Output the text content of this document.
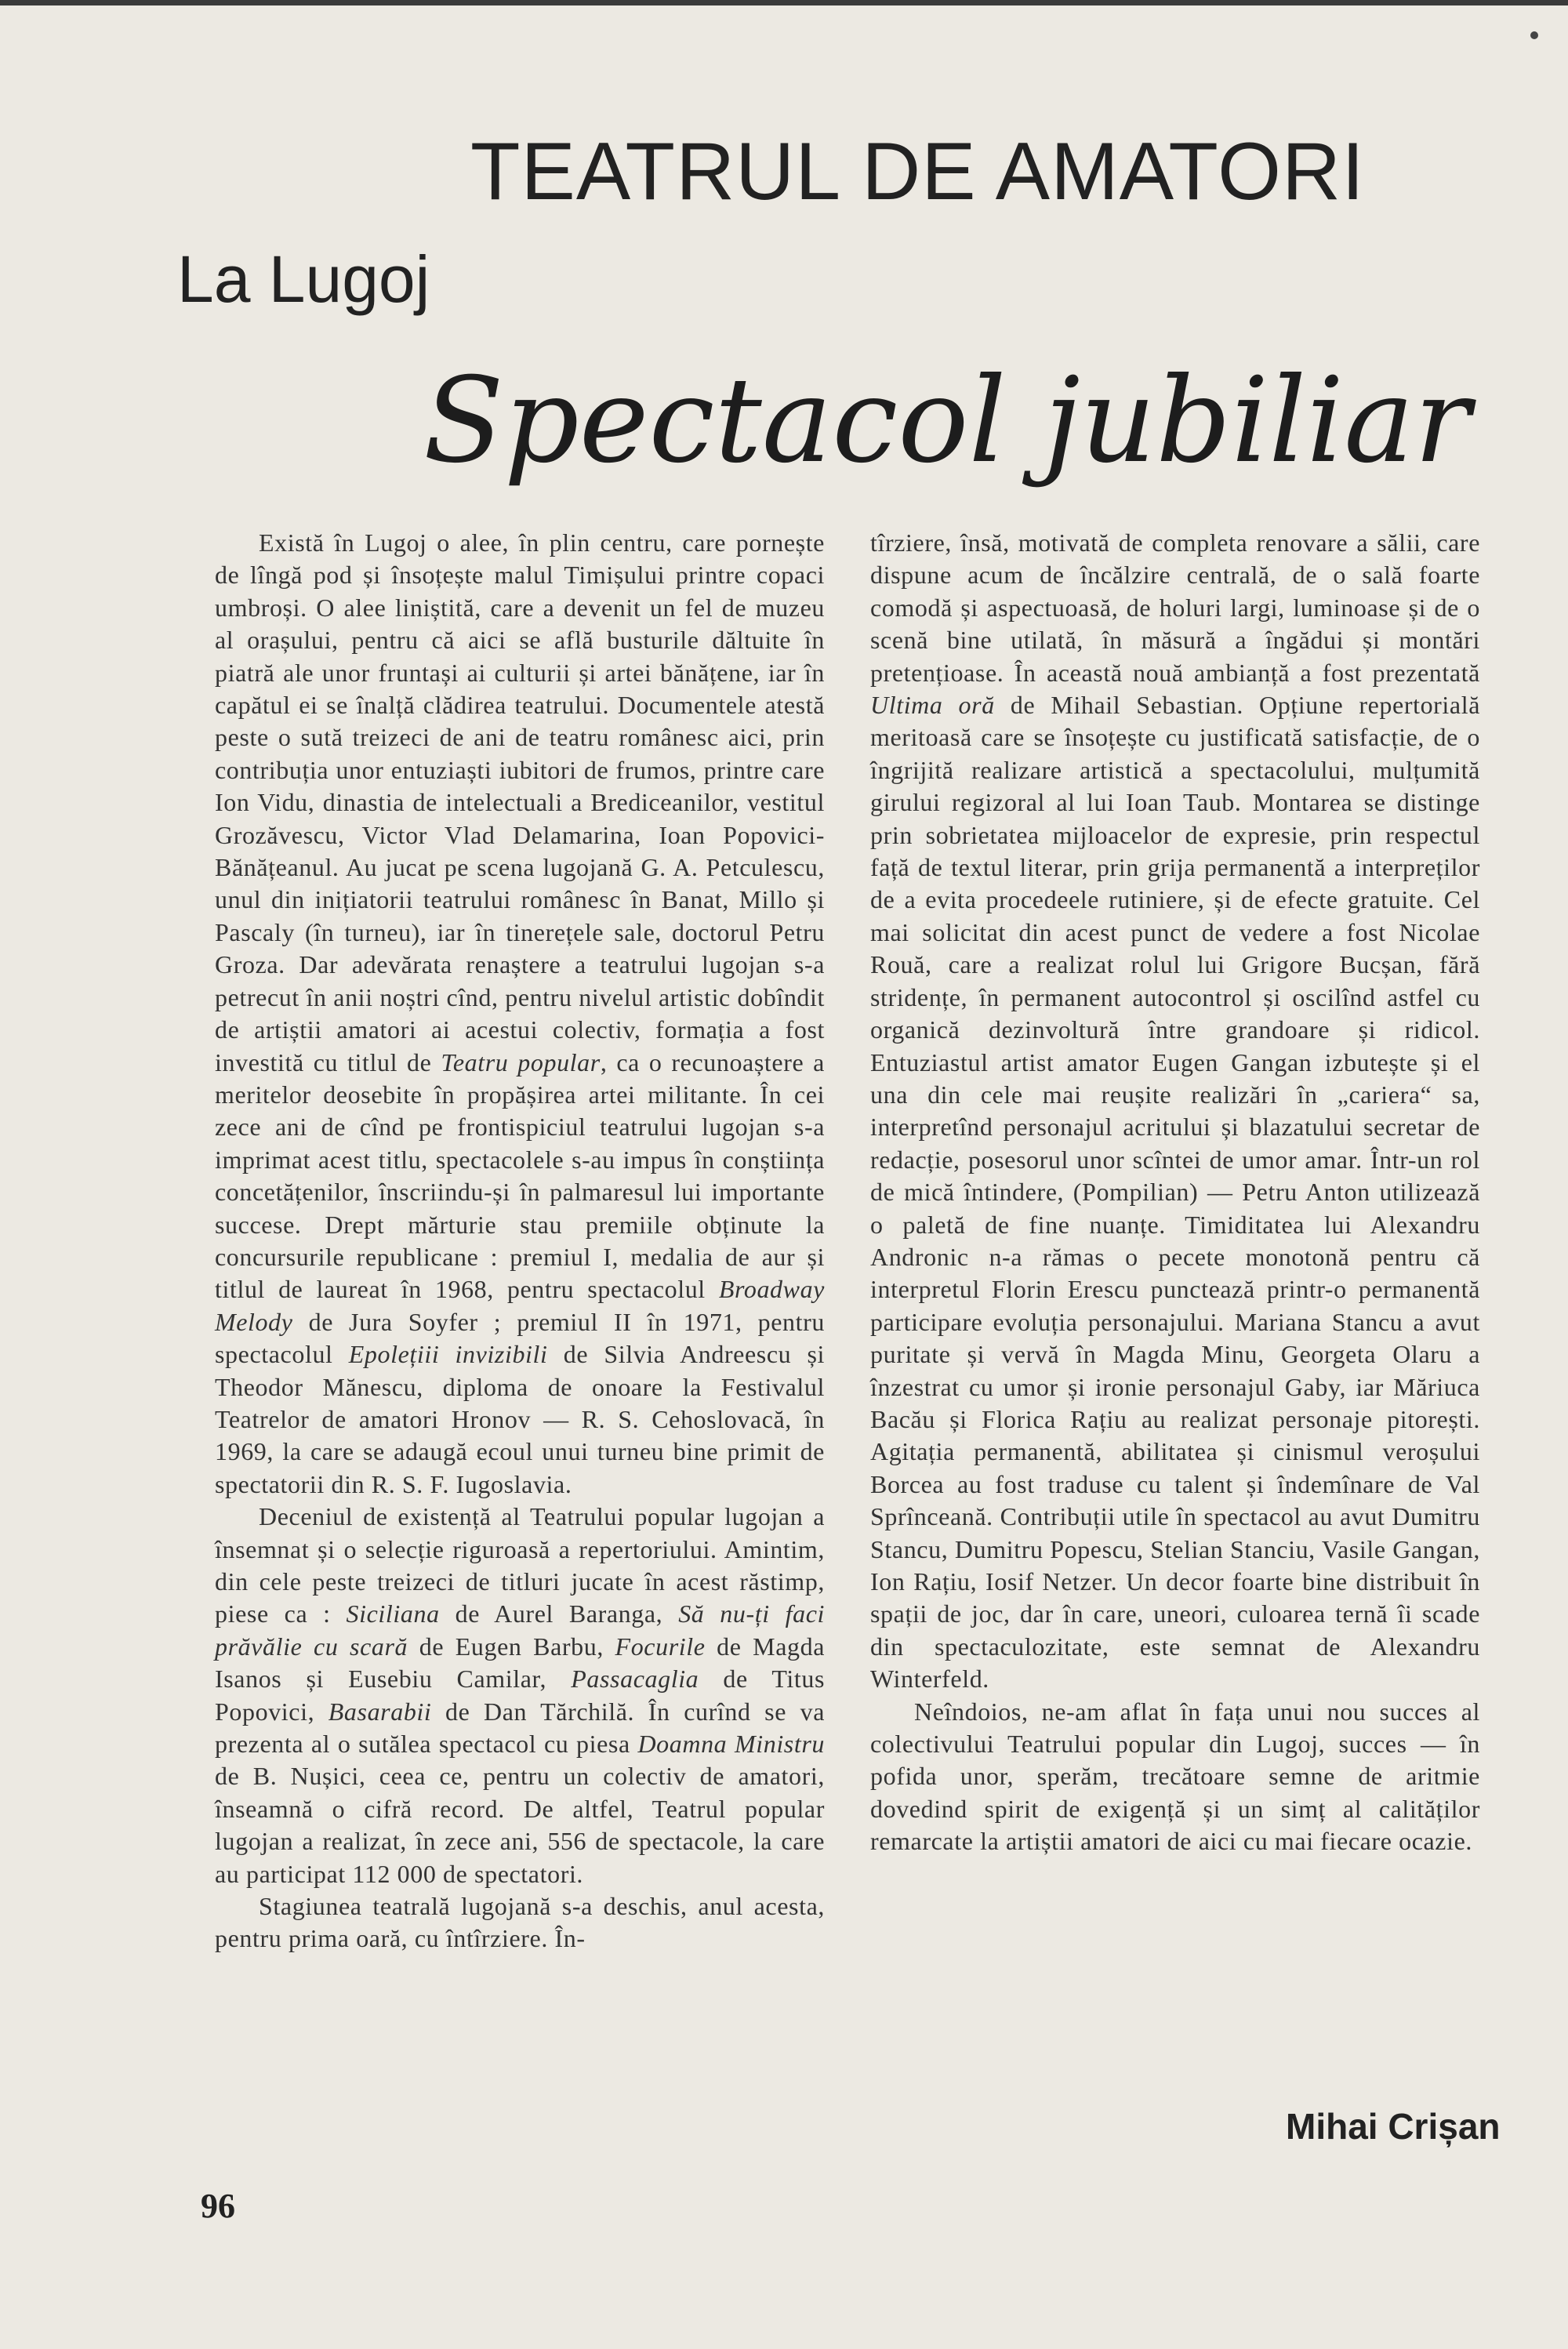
TEATRUL DE AMATORI
La Lugoj
Spectacol jubiliar

Există în Lugoj o alee, în plin centru, care pornește de lîngă pod și însoțește malul Timișului printre copaci umbroși. O alee liniștită, care a devenit un fel de muzeu al orașului, pentru că aici se află busturile dăltuite în piatră ale unor fruntași ai culturii și artei bănățene, iar în capătul ei se înalță clădirea teatrului. Documentele atestă peste o sută treizeci de ani de teatru românesc aici, prin contribuția unor entuziaști iubitori de frumos, printre care Ion Vidu, dinastia de intelectuali a Brediceanilor, vestitul Grozăvescu, Victor Vlad Delamarina, Ioan Popovici-Bănățeanul. Au jucat pe scena lugojană G. A. Petculescu, unul din inițiatorii teatrului românesc în Banat, Millo și Pascaly (în turneu), iar în tinerețele sale, doctorul Petru Groza. Dar adevărata renaștere a teatrului lugojan s-a petrecut în anii noștri cînd, pentru nivelul artistic dobîndit de artiștii amatori ai acestui colectiv, formația a fost investită cu titlul de Teatru popular, ca o recunoaștere a meritelor deosebite în propășirea artei militante. În cei zece ani de cînd pe frontispiciul teatrului lugojan s-a imprimat acest titlu, spectacolele s-au impus în conștiința concetățenilor, înscriindu-și în palmaresul lui importante succese. Drept mărturie stau premiile obținute la concursurile republicane : premiul I, medalia de aur și titlul de laureat în 1968, pentru spectacolul Broadway Melody de Jura Soyfer ; premiul II în 1971, pentru spectacolul Epolețiii invizibili de Silvia Andreescu și Theodor Mănescu, diploma de onoare la Festivalul Teatrelor de amatori Hronov — R. S. Cehoslovacă, în 1969, la care se adaugă ecoul unui turneu bine primit de spectatorii din R. S. F. Iugoslavia.

Deceniul de existență al Teatrului popular lugojan a însemnat și o selecție riguroasă a repertoriului. Amintim, din cele peste treizeci de titluri jucate în acest răstimp, piese ca : Siciliana de Aurel Baranga, Să nu-ți faci prăvălie cu scară de Eugen Barbu, Focurile de Magda Isanos și Eusebiu Camilar, Passacaglia de Titus Popovici, Basarabii de Dan Tărchilă. În curînd se va prezenta al o sutălea spectacol cu piesa Doamna Ministru de B. Nușici, ceea ce, pentru un colectiv de amatori, înseamnă o cifră record. De altfel, Teatrul popular lugojan a realizat, în zece ani, 556 de spectacole, la care au participat 112 000 de spectatori.

Stagiunea teatrală lugojană s-a deschis, anul acesta, pentru prima oară, cu întîrziere. În-

tîrziere, însă, motivată de completa renovare a sălii, care dispune acum de încălzire centrală, de o sală foarte comodă și aspectuoasă, de holuri largi, luminoase și de o scenă bine utilată, în măsură a îngădui și montări pretențioase. În această nouă ambianță a fost prezentată Ultima oră de Mihail Sebastian. Opțiune repertorială meritoasă care se însoțește cu justificată satisfacție, de o îngrijită realizare artistică a spectacolului, mulțumită girului regizoral al lui Ioan Taub. Montarea se distinge prin sobrietatea mijloacelor de expresie, prin respectul față de textul literar, prin grija permanentă a interpreților de a evita procedeele rutiniere, și de efecte gratuite. Cel mai solicitat din acest punct de vedere a fost Nicolae Rouă, care a realizat rolul lui Grigore Bucșan, fără stridențe, în permanent autocontrol și oscilînd astfel cu organică dezinvoltură între grandoare și ridicol. Entuziastul artist amator Eugen Gangan izbutește și el una din cele mai reușite realizări în „cariera“ sa, interpretînd personajul acritului și blazatului secretar de redacție, posesorul unor scîntei de umor amar. Într-un rol de mică întindere, (Pompilian) — Petru Anton utilizează o paletă de fine nuanțe. Timiditatea lui Alexandru Andronic n-a rămas o pecete monotonă pentru că interpretul Florin Erescu punctează printr-o permanentă participare evoluția personajului. Mariana Stancu a avut puritate și vervă în Magda Minu, Georgeta Olaru a înzestrat cu umor și ironie personajul Gaby, iar Măriuca Bacău și Florica Rațiu au realizat personaje pitorești. Agitația permanentă, abilitatea și cinismul veroșului Borcea au fost traduse cu talent și îndemînare de Val Sprînceană. Contribuții utile în spectacol au avut Dumitru Stancu, Dumitru Popescu, Stelian Stanciu, Vasile Gangan, Ion Rațiu, Iosif Netzer. Un decor foarte bine distribuit în spații de joc, dar în care, uneori, culoarea ternă îi scade din spectaculozitate, este semnat de Alexandru Winterfeld.

Neîndoios, ne-am aflat în fața unui nou succes al colectivului Teatrului popular din Lugoj, succes — în pofida unor, sperăm, trecătoare semne de aritmie dovedind spirit de exigență și un simț al calităților remarcate la artiștii amatori de aici cu mai fiecare ocazie.

Mihai Crișan
96
